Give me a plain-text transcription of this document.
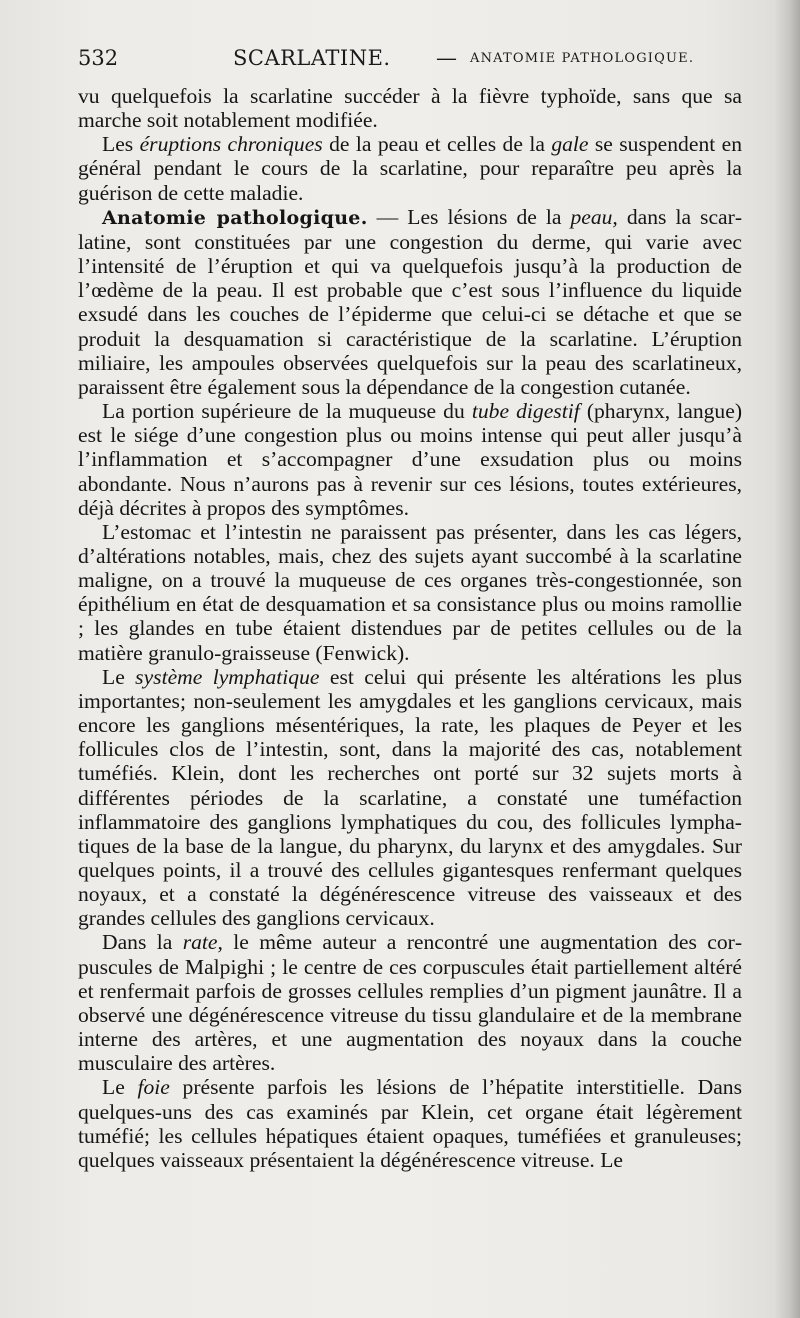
532	SCARLATINE. — ANATOMIE PATHOLOGIQUE.

vu quelquefois la scarlatine succéder à la fièvre typhoïde, sans que sa marche soit notablement modifiée.

Les éruptions chroniques de la peau et celles de la gale se suspendent en général pendant le cours de la scarlatine, pour reparaître peu après la guérison de cette maladie.

Anatomie pathologique. — Les lésions de la peau, dans la scarlatine, sont constituées par une congestion du derme, qui varie avec l’intensité de l’éruption et qui va quelquefois jusqu’à la production de l’œdème de la peau. Il est probable que c’est sous l’influence du liquide exsudé dans les couches de l’épiderme que celui-ci se détache et que se produit la desquamation si caractéristique de la scarlatine. L’éruption miliaire, les ampoules observées quelquefois sur la peau des scarlatineux, paraissent être également sous la dépendance de la congestion cutanée.

La portion supérieure de la muqueuse du tube digestif (pharynx, langue) est le siége d’une congestion plus ou moins intense qui peut aller jusqu’à l’inflammation et s’accompagner d’une exsudation plus ou moins abondante. Nous n’aurons pas à revenir sur ces lésions, toutes extérieures, déjà décrites à propos des symptômes.

L’estomac et l’intestin ne paraissent pas présenter, dans les cas légers, d’altérations notables, mais, chez des sujets ayant succombé à la scarlatine maligne, on a trouvé la muqueuse de ces organes très-congestionnée, son épithélium en état de desquamation et sa consistance plus ou moins ramollie ; les glandes en tube étaient distendues par de petites cellules ou de la matière granulo-graisseuse (Fenwick).

Le système lymphatique est celui qui présente les altérations les plus importantes; non-seulement les amygdales et les ganglions cervicaux, mais encore les ganglions mésentériques, la rate, les plaques de Peyer et les follicules clos de l’intestin, sont, dans la majorité des cas, notablement tuméfiés. Klein, dont les recherches ont porté sur 32 sujets morts à différentes périodes de la scarlatine, a constaté une tuméfaction inflammatoire des ganglions lymphatiques du cou, des follicules lymphatiques de la base de la langue, du pharynx, du larynx et des amygdales. Sur quelques points, il a trouvé des cellules gigantesques renfermant quelques noyaux, et a constaté la dégénérescence vitreuse des vaisseaux et des grandes cellules des ganglions cervicaux.

Dans la rate, le même auteur a rencontré une augmentation des corpuscules de Malpighi ; le centre de ces corpuscules était partiellement altéré et renfermait parfois de grosses cellules remplies d’un pigment jaunâtre. Il a observé une dégénérescence vitreuse du tissu glandulaire et de la membrane interne des artères, et une augmentation des noyaux dans la couche musculaire des artères.

Le foie présente parfois les lésions de l’hépatite interstitielle. Dans quelques-uns des cas examinés par Klein, cet organe était légèrement tuméfié; les cellules hépatiques étaient opaques, tuméfiées et granuleuses; quelques vaisseaux présentaient la dégénérescence vitreuse. Le
